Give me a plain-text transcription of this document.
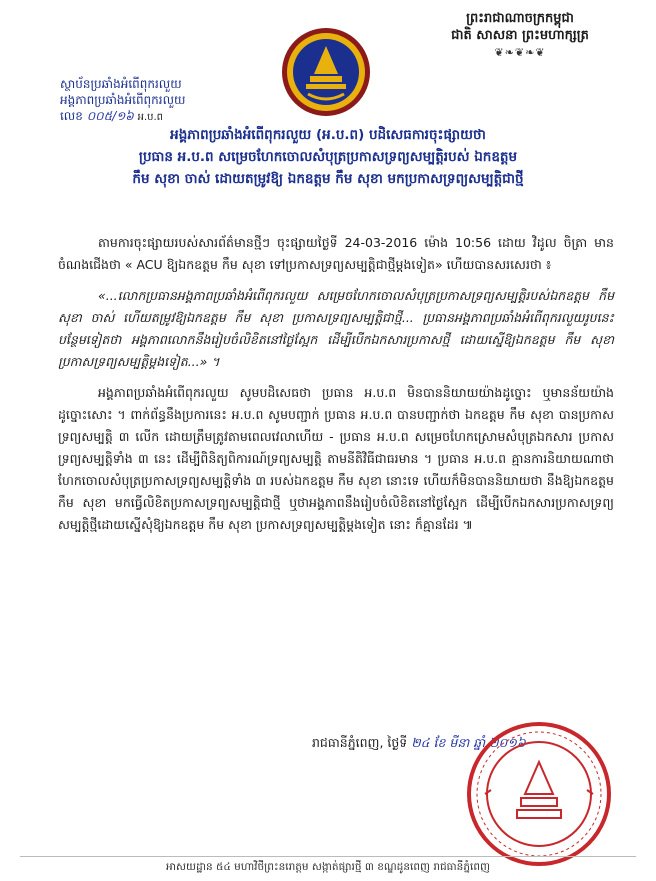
ព្រះរាជាណាចក្រកម្ពុជា
ជាតិ សាសនា ព្រះមហាក្សត្រ
❦❧❦❧❦
ស្ថាប័នប្រឆាំងអំពើពុករលួយ
អង្គភាពប្រឆាំងអំពើពុករលួយ
លេខ ០០៥/១៦ អ.ប.ព
អង្គភាពប្រឆាំងអំពើពុករលួយ (អ.ប.ព) បដិសេធការចុះផ្សាយថា
ប្រធាន អ.ប.ព សម្រេចហែកចោលសំបុត្រប្រកាសទ្រព្យសម្បត្តិរបស់ ឯកឧត្តម
កឹម សុខា ចាស់ ដោយតម្រូវឱ្យ ឯកឧត្តម កឹម សុខា មកប្រកាសទ្រព្យសម្បត្តិជាថ្មី

តាមការចុះផ្សាយរបស់សារព័ត៌មានថ្មីៗ ចុះផ្សាយថ្ងៃទី 24-03-2016 ម៉ោង 10:56 ដោយ វិដូល ចិត្រា មានចំណងជើងថា « ACU ឱ្យឯកឧត្តម កឹម សុខា ទៅប្រកាសទ្រព្យសម្បត្តិជាថ្មីម្តងទៀត» ហើយបានសរសេរថា ៖

«...លោកប្រធានអង្គភាពប្រឆាំងអំពើពុករលួយ សម្រេចហែកចោលសំបុត្រប្រកាសទ្រព្យសម្បត្តិរបស់ឯកឧត្តម កឹម សុខា ចាស់ ហើយតម្រូវឱ្យឯកឧត្តម កឹម សុខា ប្រកាសទ្រព្យសម្បត្តិជាថ្មី... ប្រធានអង្គភាពប្រឆាំងអំពើពុករលួយរូបនេះ បន្ថែមទៀតថា អង្គភាពលោកនឹងរៀបចំលិខិតនៅថ្ងៃស្អែក ដើម្បីបើកឯកសារប្រកាសថ្មី ដោយស្នើឱ្យឯកឧត្តម កឹម សុខា ប្រកាសទ្រព្យសម្បត្តិម្តងទៀត...» ។

អង្គភាពប្រឆាំងអំពើពុករលួយ សូមបដិសេធថា ប្រធាន អ.ប.ព មិនបាននិយាយយ៉ាងដូច្នោះ ឬមានន័យយ៉ាងដូច្នោះសោះ ។ ពាក់ព័ន្ធនឹងប្រការនេះ អ.ប.ព សូមបញ្ជាក់ ប្រធាន អ.ប.ព បានបញ្ជាក់ថា ឯកឧត្តម កឹម សុខា បានប្រកាសទ្រព្យសម្បត្តិ ៣ លើក ដោយត្រឹមត្រូវតាមពេលវេលាហើយ - ប្រធាន អ.ប.ព សម្រេចហែកស្រោមសំបុត្រឯកសារ ប្រកាសទ្រព្យសម្បត្តិទាំង ៣ នេះ ដើម្បីពិនិត្យពិការណ៍ទ្រព្យសម្បត្តិ តាមនីតិវិធីជាធរមាន ។ ប្រធាន អ.ប.ព គ្មានការនិយាយណាថា ហែកចោលសំបុត្រប្រកាសទ្រព្យសម្បត្តិទាំង ៣ របស់ឯកឧត្តម កឹម សុខា នោះទេ ហើយក៏មិនបាននិយាយថា នឹងឱ្យឯកឧត្តម កឹម សុខា មកធ្វើលិខិតប្រកាសទ្រព្យសម្បត្តិជាថ្មី ឬថាអង្គភាពនឹងរៀបចំលិខិតនៅថ្ងៃស្អែក ដើម្បីបើកឯកសារប្រកាសទ្រព្យសម្បត្តិថ្មីដោយស្នើសុំឱ្យឯកឧត្តម កឹម សុខា ប្រកាសទ្រព្យសម្បត្តិម្តងទៀត នោះ ក៏គ្មានដែរ ៕

រាជធានីភ្នំពេញ, ថ្ងៃទី ២៤ ខែ មីនា ឆ្នាំ ២០១៦
អាសយដ្ឋាន ៥៤ មហាវិថីព្រះនរោត្តម សង្កាត់ផ្សារថ្មី ៣ ខណ្ឌដូនពេញ រាជធានីភ្នំពេញ
